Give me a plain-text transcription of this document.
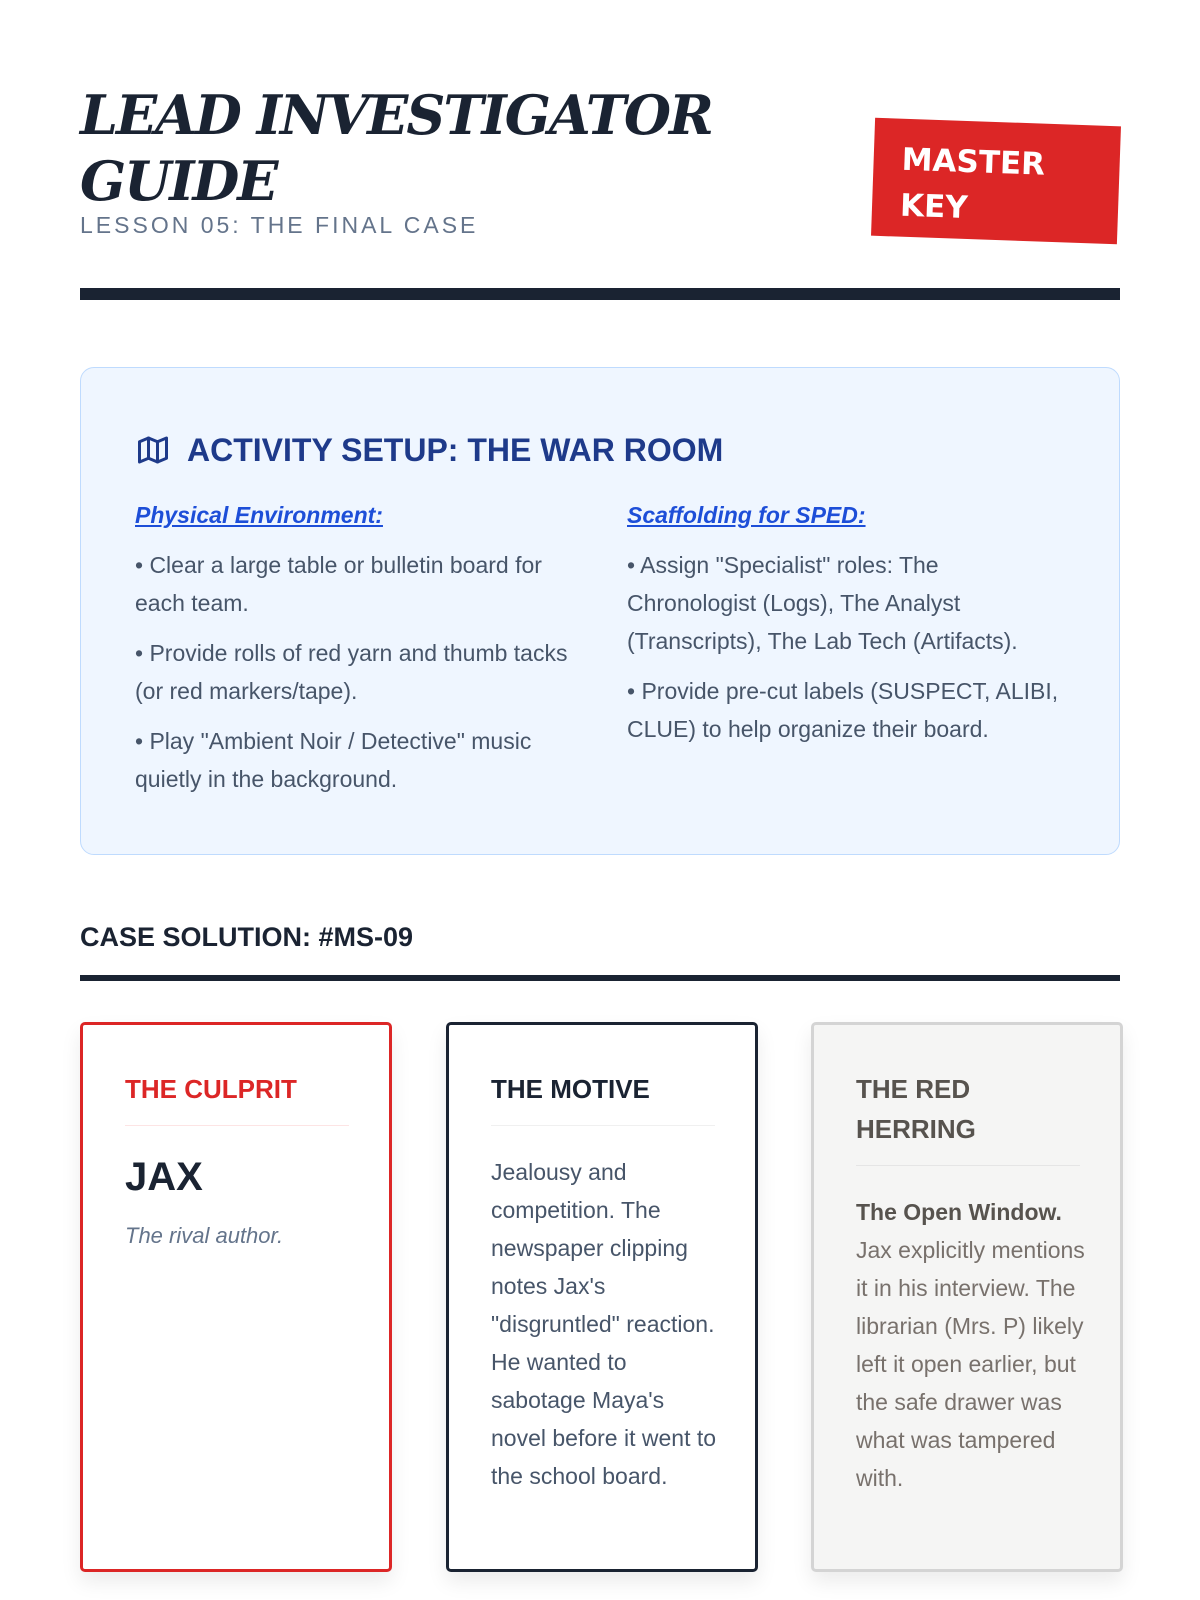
LEAD INVESTIGATOR GUIDE
LESSON 05: THE FINAL CASE
MASTER KEY
ACTIVITY SETUP: THE WAR ROOM
Physical Environment:

• Clear a large table or bulletin board for each team.

• Provide rolls of red yarn and thumb tacks (or red markers/tape).

• Play "Ambient Noir / Detective" music quietly in the background.

Scaffolding for SPED:

• Assign "Specialist" roles: The Chronologist (Logs), The Analyst (Transcripts), The Lab Tech (Artifacts).

• Provide pre-cut labels (SUSPECT, ALIBI, CLUE) to help organize their board.

CASE SOLUTION: #MS-09
THE CULPRIT
JAX
The rival author.
THE MOTIVE
Jealousy and competition. The newspaper clipping notes Jax's "disgruntled" reaction. He wanted to sabotage Maya's novel before it went to the school board.
THE RED HERRING
The Open Window. Jax explicitly mentions it in his interview. The librarian (Mrs. P) likely left it open earlier, but the safe drawer was what was tampered with.
